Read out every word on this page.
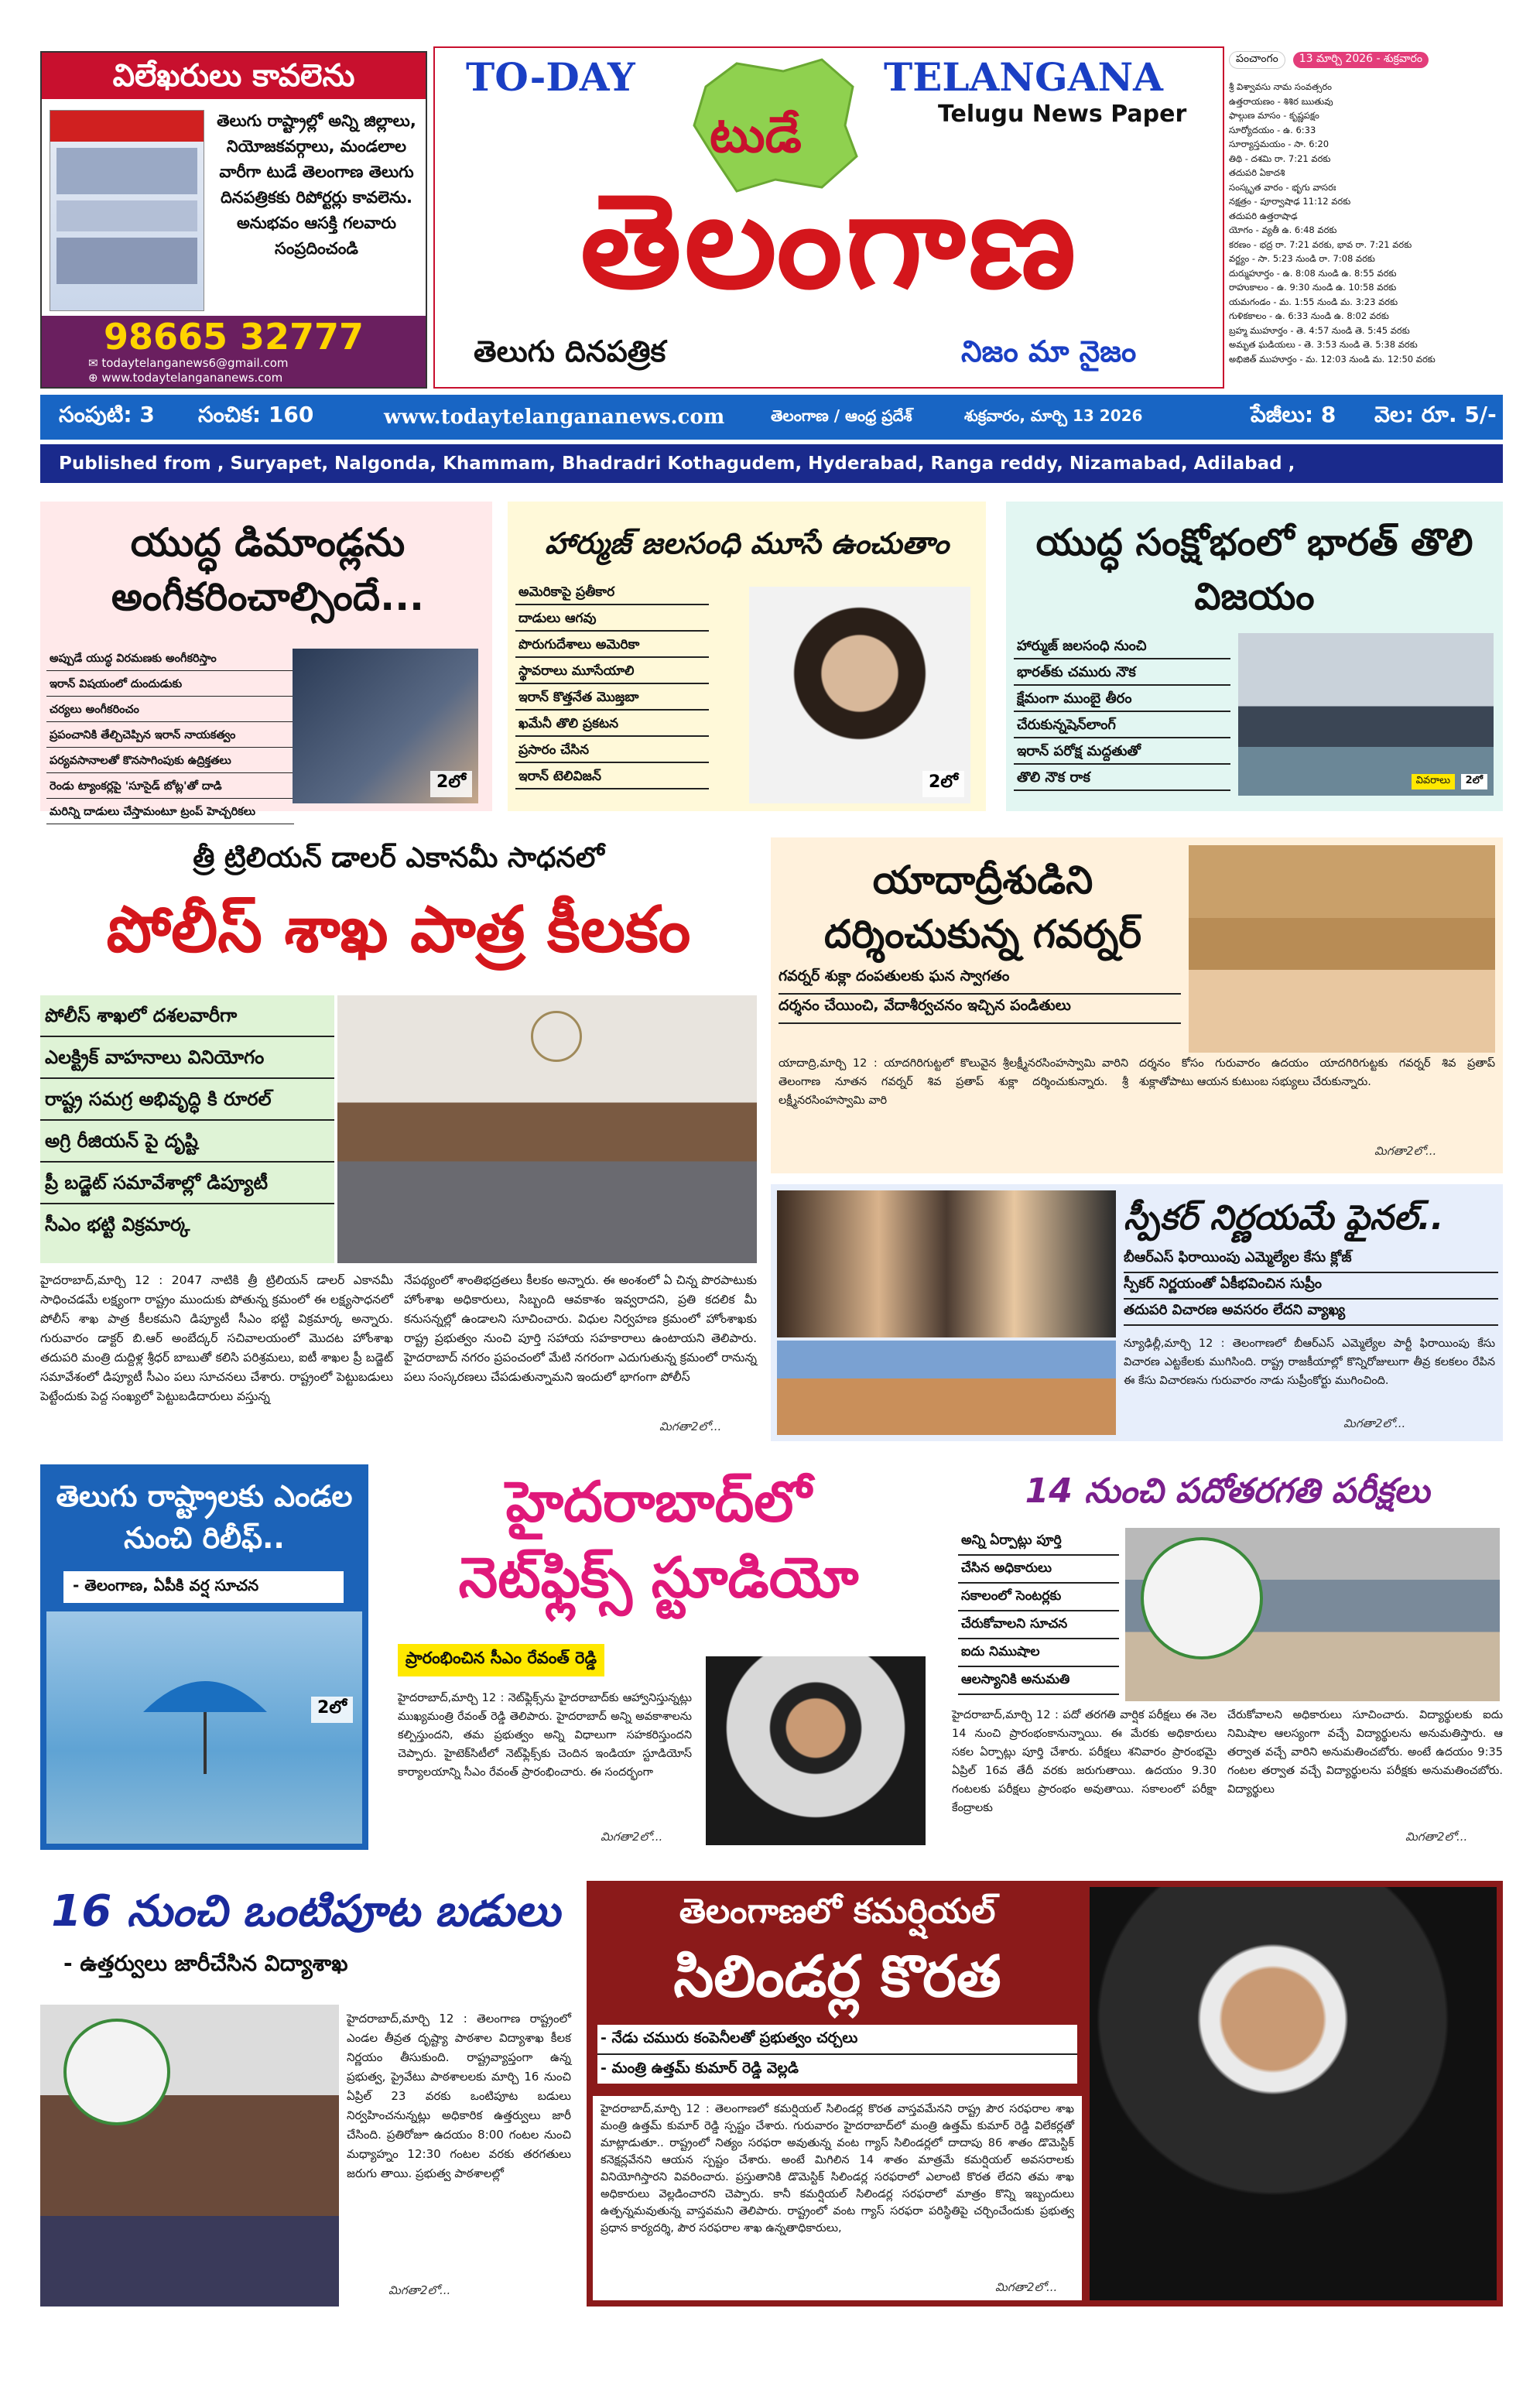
విలేఖరులు కావలెను
తెలుగు రాష్ట్రాల్లో అన్ని జిల్లాలు, నియోజకవర్గాలు, మండలాల వారీగా టుడే తెలంగాణ తెలుగు దినపత్రికకు రిపోర్టర్లు కావలెను. అనుభవం ఆసక్తి గలవారు సంప్రదించండి
98665 32777
✉ todaytelanganews6@gmail.com
⊕ www.todaytelangananews.com
TO-DAY	TELANGANA
Telugu News Paper
టుడే
తెలంగాణ
తెలుగు దినపత్రిక	నిజం మా నైజం
పంచాంగం	13 మార్చి 2026 - శుక్రవారం
శ్రీ విశ్వావసు నామ సంవత్సరం
ఉత్తరాయణం - శిశిర ఋతువు
ఫాల్గుణ మాసం - కృష్ణపక్షం
సూర్యోదయం - ఉ. 6:33
సూర్యాస్తమయం - సా. 6:20
తిథి - దశమి రా. 7:21 వరకు
తదుపరి ఏకాదశి
సంస్కృత వారం - భృగు వాసరః
నక్షత్రం - పూర్వాషాఢ 11:12 వరకు
తదుపరి ఉత్తరాషాఢ
యోగం - వ్యతీ ఉ. 6:48 వరకు
కరణం - భద్ర రా. 7:21 వరకు, భావ రా. 7:21 వరకు
వర్జ్యం - సా. 5:23 నుండి రా. 7:08 వరకు
దుర్ముహూర్తం - ఉ. 8:08 నుండి ఉ. 8:55 వరకు
రాహుకాలం - ఉ. 9:30 నుండి ఉ. 10:58 వరకు
యమగండం - మ. 1:55 నుండి మ. 3:23 వరకు
గుళికకాలం - ఉ. 6:33 నుండి ఉ. 8:02 వరకు
బ్రహ్మ ముహూర్తం - తె. 4:57 నుండి తె. 5:45 వరకు
అమృత ఘడియలు - తె. 3:53 నుండి తె. 5:38 వరకు
అభిజిత్ ముహూర్తం - మ. 12:03 నుండి మ. 12:50 వరకు
సంపుటి: 3	సంచిక: 160	www.todaytelangananews.com	తెలంగాణ / ఆంధ్ర ప్రదేశ్	శుక్రవారం, మార్చి 13 2026	పేజీలు: 8	వెల: రూ. 5/-
Published from , Suryapet, Nalgonda, Khammam, Bhadradri Kothagudem, Hyderabad, Ranga reddy, Nizamabad, Adilabad ,
యుద్ధ డిమాండ్లను అంగీకరించాల్సిందే...
అప్పుడే యుద్ధ విరమణకు అంగీకరిస్తాం
ఇరాన్ విషయంలో దుందుడుకు
చర్యలు అంగీకరించం
ప్రపంచానికి తేల్చిచెప్పిన ఇరాన్ నాయకత్వం
పర్యవసానాలతో కొనసాగింపుకు ఉద్రిక్తతలు
రెండు ట్యాంకర్లపై 'సూసైడ్ బోట్ల'తో దాడి
మరిన్ని దాడులు చేస్తామంటూ ట్రంప్ హెచ్చరికలు
2లో
హార్ముజ్ జలసంధి మూసే ఉంచుతాం
అమెరికాపై ప్రతీకార
దాడులు ఆగవు
పొరుగుదేశాలు అమెరికా
స్థావరాలు మూసేయాలి
ఇరాన్ కొత్తనేత మొజ్తబా
ఖమేనీ తొలి ప్రకటన
ప్రసారం చేసిన
ఇరాన్ టెలివిజన్	2లో
యుద్ధ సంక్షోభంలో భారత్ తొలి విజయం
హార్ముజ్ జలసంధి నుంచి
భారత్‌కు చమురు నౌక
క్షేమంగా ముంబై తీరం
చేరుకున్నషెన్‌లాంగ్
ఇరాన్ పరోక్ష మద్దతుతో
తొలి నౌక రాక	వివరాలు	2లో
త్రీ ట్రిలియన్ డాలర్ ఎకానమీ సాధనలో
పోలీస్ శాఖ పాత్ర కీలకం
పోలీస్ శాఖలో దశలవారీగా
ఎలక్ట్రిక్ వాహనాలు వినియోగం
రాష్ట్ర సమగ్ర అభివృద్ధి కి రూరల్
అగ్రి రీజియన్ పై దృష్టి
ప్రీ బడ్జెట్ సమావేశాల్లో డిప్యూటీ
సీఎం భట్టి విక్రమార్క
హైదరాబాద్,మార్చి 12 : 2047 నాటికి త్రీ ట్రిలియన్ డాలర్ ఎకానమీ సాధించడమే లక్ష్యంగా రాష్ట్రం ముందుకు పోతున్న క్రమంలో ఈ లక్ష్యసాధనలో పోలీస్ శాఖ పాత్ర కీలకమని డిప్యూటీ సీఎం భట్టి విక్రమార్క అన్నారు. గురువారం డాక్టర్ బి.ఆర్ అంబేద్కర్ సచివాలయంలో మొదట హోంశాఖ తదుపరి మంత్రి దుద్దిళ్ల శ్రీధర్ బాబుతో కలిసి పరిశ్రమలు, ఐటీ శాఖల ప్రీ బడ్జెట్ సమావేశంలో డిప్యూటీ సీఎం పలు సూచనలు చేశారు. రాష్ట్రంలో పెట్టుబడులు పెట్టేందుకు పెద్ద సంఖ్యలో పెట్టుబడిదారులు వస్తున్న
నేపథ్యంలో శాంతిభద్రతలు కీలకం అన్నారు. ఈ అంశంలో ఏ చిన్న పొరపాటుకు హోంశాఖ అధికారులు, సిబ్బంది ఆవకాశం ఇవ్వరాదని, ప్రతి కదలిక మీ కనుసన్నల్లో ఉండాలని సూచించారు. విధుల నిర్వహణ క్రమంలో హోంశాఖకు రాష్ట్ర ప్రభుత్వం నుంచి పూర్తి సహాయ సహకారాలు ఉంటాయని తెలిపారు. హైదరాబాద్ నగరం ప్రపంచంలో మేటి నగరంగా ఎదుగుతున్న క్రమంలో రానున్న పలు సంస్కరణలు చేపడుతున్నామని ఇందులో భాగంగా పోలీస్
మిగతా2లో...
యాదాద్రీశుడిని దర్శించుకున్న గవర్నర్
గవర్నర్ శుక్లా దంపతులకు ఘన స్వాగతం
దర్శనం చేయించి, వేదాశీర్వచనం ఇచ్చిన పండితులు
యాదాద్రి,మార్చి 12 : యాదగిరిగుట్టలో కొలువైన శ్రీలక్ష్మీనరసింహస్వామి వారిని తెలంగాణ నూతన గవర్నర్ శివ ప్రతాప్ శుక్లా దర్శించుకున్నారు. శ్రీ లక్ష్మీనరసింహస్వామి వారి
దర్శనం కోసం గురువారం ఉదయం యాదగిరిగుట్టకు గవర్నర్ శివ ప్రతాప్ శుక్లాతోపాటు ఆయన కుటుంబ సభ్యులు చేరుకున్నారు.
మిగతా2లో...
స్పీకర్ నిర్ణయమే ఫైనల్..
బీఆర్ఎస్ ఫిరాయింపు ఎమ్మెల్యేల కేసు క్లోజ్
స్పీకర్ నిర్ణయంతో ఏకీభవించిన సుప్రీం
తదుపరి విచారణ అవసరం లేదని వ్యాఖ్య
న్యూఢిల్లీ,మార్చి 12 : తెలంగాణలో బీఆర్ఎస్ ఎమ్మెల్యేల పార్టీ ఫిరాయింపు కేసు విచారణ ఎట్టకేలకు ముగిసింది. రాష్ట్ర రాజకీయాల్లో కొన్నిరోజులుగా తీవ్ర కలకలం రేపిన ఈ కేసు విచారణను గురువారం నాడు సుప్రీంకోర్టు ముగించింది.
మిగతా2లో...
తెలుగు రాష్ట్రాలకు ఎండల నుంచి రిలీఫ్..
- తెలంగాణ, ఏపీకి వర్ష సూచన
2లో
హైదరాబాద్‌లో
నెట్‌ఫ్లిక్స్ స్టూడియో
ప్రారంభించిన సీఎం రేవంత్ రెడ్డి
హైదరాబాద్,మార్చి 12 : నెట్‌ఫ్లిక్స్‌ను హైదరాబాద్‌కు ఆహ్వానిస్తున్నట్లు ముఖ్యమంత్రి రేవంత్ రెడ్డి తెలిపారు. హైదరాబాద్ అన్ని అవకాశాలను కల్పిస్తుందని, తమ ప్రభుత్వం అన్ని విధాలుగా సహకరిస్తుందని చెప్పారు. హైటెక్‌సిటీలో నెట్‌ఫ్లిక్స్‌కు చెందిన ఇండియా స్టూడియోస్ కార్యాలయాన్ని సీఎం రేవంత్ ప్రారంభించారు. ఈ సందర్భంగా
మిగతా2లో...
14 నుంచి పదోతరగతి పరీక్షలు
అన్ని ఏర్పాట్లు పూర్తి
చేసిన అధికారులు
సకాలంలో సెంటర్లకు
చేరుకోవాలని సూచన
ఐదు నిముషాల
ఆలస్యానికి అనుమతి
హైదరాబాద్,మార్చి 12 : పదో తరగతి వార్షిక పరీక్షలు ఈ నెల 14 నుంచి ప్రారంభంకానున్నాయి. ఈ మేరకు అధికారులు సకల ఏర్పాట్లు పూర్తి చేశారు. పరీక్షలు శనివారం ప్రారంభమై ఏప్రిల్ 16వ తేదీ వరకు జరుగుతాయి. ఉదయం 9.30 గంటలకు పరీక్షలు ప్రారంభం అవుతాయి. సకాలంలో పరీక్షా కేంద్రాలకు
చేరుకోవాలని అధికారులు సూచించారు. విద్యార్థులకు ఐదు నిమిషాల ఆలస్యంగా వచ్చే విద్యార్థులను అనుమతిస్తారు. ఆ తర్వాత వచ్చే వారిని అనుమతించబోరు. అంటే ఉదయం 9:35 గంటల తర్వాత వచ్చే విద్యార్థులను పరీక్షకు అనుమతించబోరు. విద్యార్థులు
మిగతా2లో...
16 నుంచి ఒంటిపూట బడులు
- ఉత్తర్వులు జారీచేసిన విద్యాశాఖ
హైదరాబాద్,మార్చి 12 : తెలంగాణ రాష్ట్రంలో ఎండల తీవ్రత దృష్ట్యా పాఠశాల విద్యాశాఖ కీలక నిర్ణయం తీసుకుంది. రాష్ట్రవ్యాప్తంగా ఉన్న ప్రభుత్వ, ప్రైవేటు పాఠశాలలకు మార్చి 16 నుంచి ఏప్రిల్ 23 వరకు ఒంటిపూట బడులు నిర్వహించనున్నట్లు అధికారిక ఉత్తర్వులు జారీ చేసింది. ప్రతిరోజూ ఉదయం 8:00 గంటల నుంచి మధ్యాహ్నం 12:30 గంటల వరకు తరగతులు జరుగు తాయి. ప్రభుత్వ పాఠశాలల్లో
మిగతా2లో...
తెలంగాణలో కమర్షియల్
సిలిండర్ల కొరత
- నేడు చమురు కంపెనీలతో ప్రభుత్వం చర్చలు
- మంత్రి ఉత్తమ్ కుమార్ రెడ్డి వెల్లడి
హైదరాబాద్,మార్చి 12 : తెలంగాణలో కమర్షియల్ సిలిండర్ల కొరత వాస్తవమేనని రాష్ట్ర పౌర సరఫరాల శాఖ మంత్రి ఉత్తమ్ కుమార్ రెడ్డి స్పష్టం చేశారు. గురువారం హైదరాబాద్‌లో మంత్రి ఉత్తమ్ కుమార్ రెడ్డి విలేకర్లతో మాట్లాడుతూ.. రాష్ట్రంలో నిత్యం సరఫరా అవుతున్న వంట గ్యాస్ సిలిండర్లలో దాదాపు 86 శాతం డొమెస్టిక్ కనెక్షన్లవేనని ఆయన స్పష్టం చేశారు. అంటే మిగిలిన 14 శాతం మాత్రమే కమర్షియల్ అవసరాలకు వినియోగిస్తారని వివరించారు. ప్రస్తుతానికి డొమెస్టిక్ సిలిండర్ల సరఫరాలో ఎలాంటి కొరత లేదని తమ శాఖ అధికారులు వెల్లడించారని చెప్పారు. కానీ కమర్షియల్ సిలిండర్ల సరఫరాలో మాత్రం కొన్ని ఇబ్బందులు ఉత్పన్నమవుతున్న వాస్తవమని తెలిపారు. రాష్ట్రంలో వంట గ్యాస్ సరఫరా పరిస్థితిపై చర్చించేందుకు ప్రభుత్వ ప్రధాన కార్యదర్శి, పౌర సరఫరాల శాఖ ఉన్నతాధికారులు,
మిగతా2లో...
